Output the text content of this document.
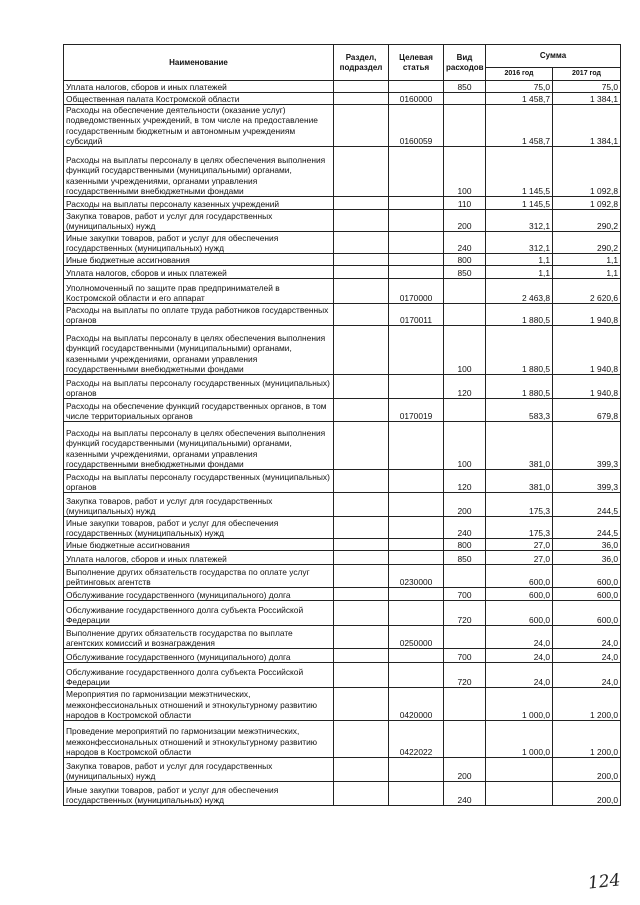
Наименование	Раздел, подраздел	Целевая статья	Вид расходов	Сумма	
				2016 год	2017 год
Уплата налогов, сборов и иных платежей			850	75,0	75,0
Общественная палата Костромской области		0160000		1 458,7	1 384,1
Расходы на обеспечение деятельности (оказание услуг) подведомственных учреждений, в том числе на предоставление государственным бюджетным и автономным учреждениям субсидий		0160059		1 458,7	1 384,1
Расходы на выплаты персоналу в целях обеспечения выполнения функций государственными (муниципальными) органами, казенными учреждениями, органами управления государственными внебюджетными фондами			100	1 145,5	1 092,8
Расходы на выплаты персоналу казенных учреждений			110	1 145,5	1 092,8
Закупка товаров, работ и услуг для государственных (муниципальных) нужд			200	312,1	290,2
Иные закупки товаров, работ и услуг для обеспечения государственных (муниципальных) нужд			240	312,1	290,2
Иные бюджетные ассигнования			800	1,1	1,1
Уплата налогов, сборов и иных платежей			850	1,1	1,1
Уполномоченный по защите прав предпринимателей в Костромской области и его аппарат		0170000		2 463,8	2 620,6
Расходы на выплаты по оплате труда работников государственных органов		0170011		1 880,5	1 940,8
Расходы на выплаты персоналу в целях обеспечения выполнения функций государственными (муниципальными) органами, казенными учреждениями, органами управления государственными внебюджетными фондами			100	1 880,5	1 940,8
Расходы на выплаты персоналу государственных (муниципальных) органов			120	1 880,5	1 940,8
Расходы на обеспечение функций государственных органов, в том числе территориальных органов		0170019		583,3	679,8
Расходы на выплаты персоналу в целях обеспечения выполнения функций государственными (муниципальными) органами, казенными учреждениями, органами управления государственными внебюджетными фондами			100	381,0	399,3
Расходы на выплаты персоналу государственных (муниципальных) органов			120	381,0	399,3
Закупка товаров, работ и услуг для государственных (муниципальных) нужд			200	175,3	244,5
Иные закупки товаров, работ и услуг для обеспечения государственных (муниципальных) нужд			240	175,3	244,5
Иные бюджетные ассигнования			800	27,0	36,0
Уплата налогов, сборов и иных платежей			850	27,0	36,0
Выполнение других обязательств государства по оплате услуг рейтинговых агентств		0230000		600,0	600,0
Обслуживание государственного (муниципального) долга			700	600,0	600,0
Обслуживание государственного долга субъекта Российской Федерации			720	600,0	600,0
Выполнение других обязательств государства по выплате агентских комиссий и вознаграждения		0250000		24,0	24,0
Обслуживание государственного (муниципального) долга			700	24,0	24,0
Обслуживание государственного долга субъекта Российской Федерации			720	24,0	24,0
Мероприятия по гармонизации межэтнических, межконфессиональных отношений и этнокультурному развитию народов в Костромской области		0420000		1 000,0	1 200,0
Проведение мероприятий по гармонизации межэтнических, межконфессиональных отношений и этнокультурному развитию народов в Костромской области		0422022		1 000,0	1 200,0
Закупка товаров, работ и услуг для государственных (муниципальных) нужд			200		200,0
Иные закупки товаров, работ и услуг для обеспечения государственных (муниципальных) нужд			240		200,0
124
